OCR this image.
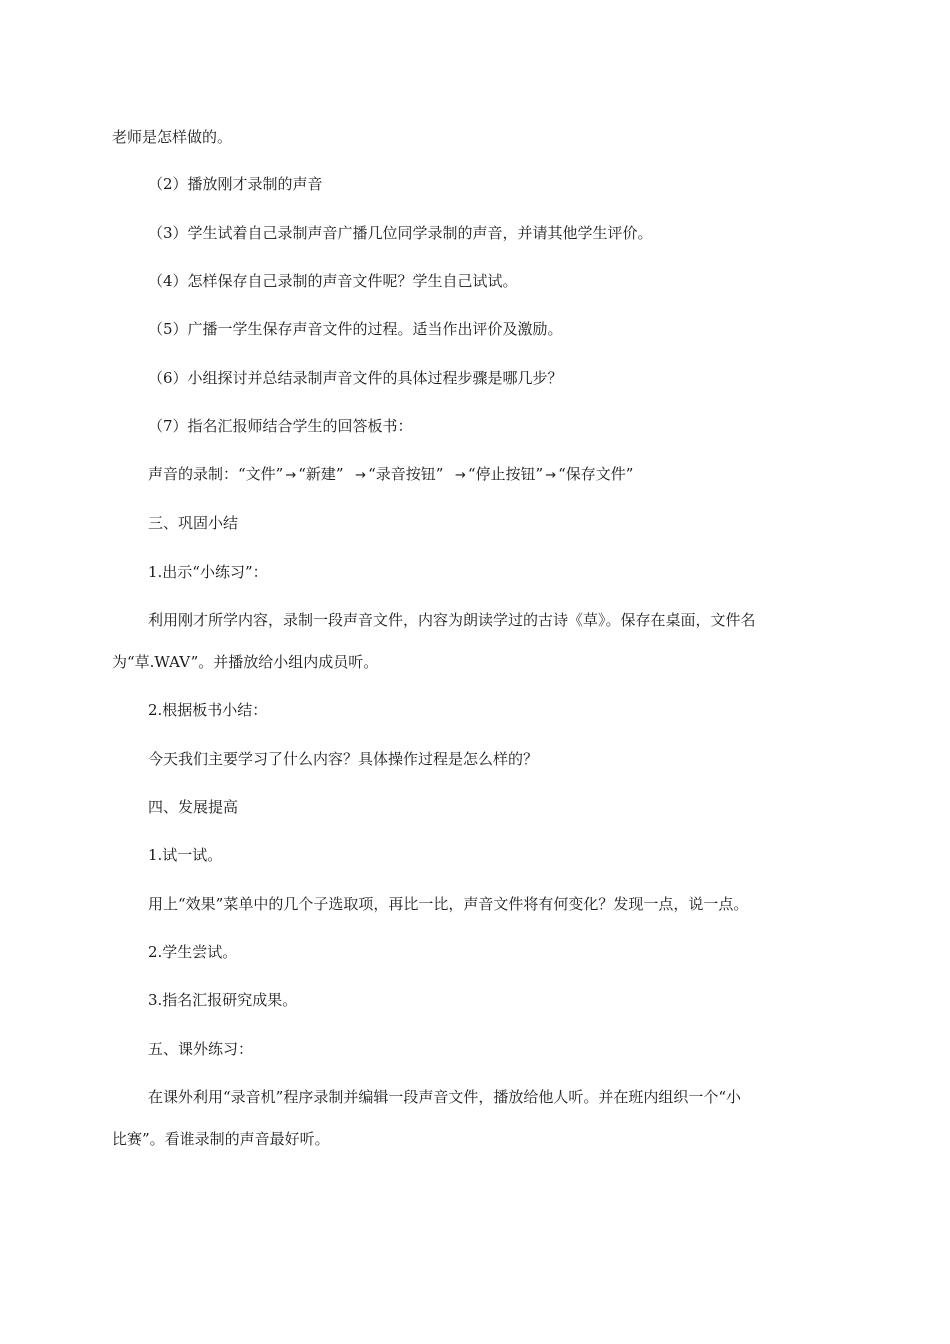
老师是怎样做的。
（2）播放刚才录制的声音
（3）学生试着自己录制声音广播几位同学录制的声音，并请其他学生评价。
（4）怎样保存自己录制的声音文件呢？学生自己试试。
（5）广播一学生保存声音文件的过程。适当作出评价及激励。
（6）小组探讨并总结录制声音文件的具体过程步骤是哪几步？
（7）指名汇报师结合学生的回答板书：
声音的录制：“文件” → “新建” → “录音按钮” → “停止按钮” → “保存文件”
三、巩固小结
1.出示“小练习”：
利用刚才所学内容，录制一段声音文件，内容为朗读学过的古诗《草》。保存在桌面，文件名
为“草.WAV”。并播放给小组内成员听。
2.根据板书小结：
今天我们主要学习了什么内容？具体操作过程是怎么样的？
四、发展提高
1.试一试。
用上“效果”菜单中的几个子选取项，再比一比，声音文件将有何变化？发现一点，说一点。
2.学生尝试。
3.指名汇报研究成果。
五、课外练习：
在课外利用“录音机”程序录制并编辑一段声音文件，播放给他人听。并在班内组织一个“小
比赛”。看谁录制的声音最好听。
